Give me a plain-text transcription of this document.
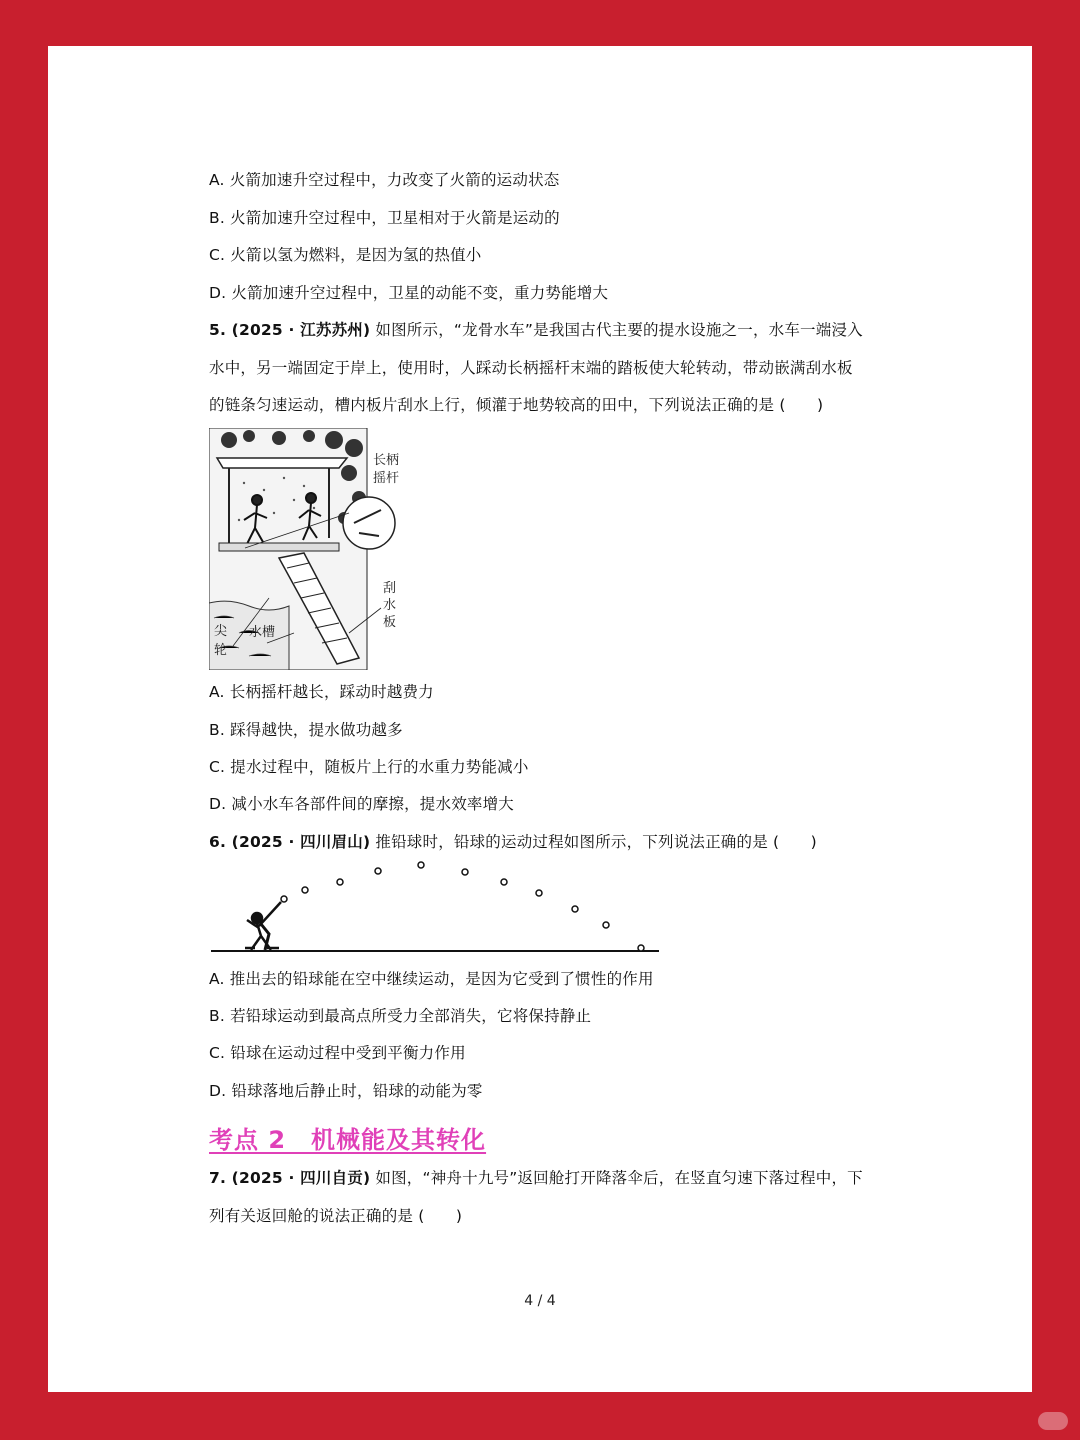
A. 火箭加速升空过程中，力改变了火箭的运动状态
B. 火箭加速升空过程中，卫星相对于火箭是运动的
C. 火箭以氢为燃料，是因为氢的热值小
D. 火箭加速升空过程中，卫星的动能不变，重力势能增大
5. (2025 · 江苏苏州) 如图所示，“龙骨水车”是我国古代主要的提水设施之一，水车一端浸入
水中，另一端固定于岸上，使用时，人踩动长柄摇杆末端的踏板使大轮转动，带动嵌满刮水板
的链条匀速运动，槽内板片刮水上行，倾灌于地势较高的田中，下列说法正确的是 (　　)
长柄
摇杆
刮
水
板
水槽
尖
轮
A. 长柄摇杆越长，踩动时越费力
B. 踩得越快，提水做功越多
C. 提水过程中，随板片上行的水重力势能减小
D. 减小水车各部件间的摩擦，提水效率增大
6. (2025 · 四川眉山) 推铅球时，铅球的运动过程如图所示，下列说法正确的是 (　　)
A. 推出去的铅球能在空中继续运动，是因为它受到了惯性的作用
B. 若铅球运动到最高点所受力全部消失，它将保持静止
C. 铅球在运动过程中受到平衡力作用
D. 铅球落地后静止时，铅球的动能为零
考点 2　机械能及其转化
7. (2025 · 四川自贡) 如图，“神舟十九号”返回舱打开降落伞后，在竖直匀速下落过程中，下
列有关返回舱的说法正确的是 (　　)
4 / 4
